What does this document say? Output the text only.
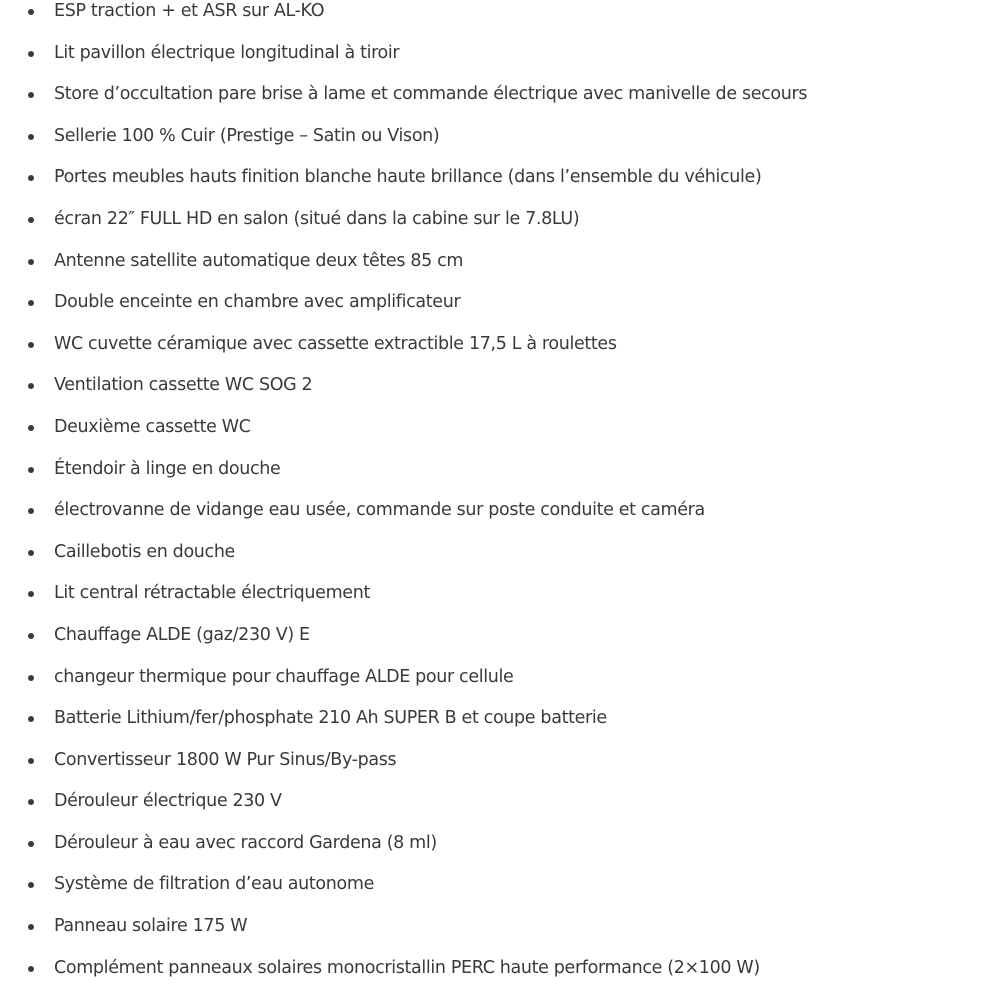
ESP traction + et ASR sur AL-KO
Lit pavillon électrique longitudinal à tiroir
Store d’occultation pare brise à lame et commande électrique avec manivelle de secours
Sellerie 100 % Cuir (Prestige – Satin ou Vison)
Portes meubles hauts finition blanche haute brillance (dans l’ensemble du véhicule)
écran 22″ FULL HD en salon (situé dans la cabine sur le 7.8LU)
Antenne satellite automatique deux têtes 85 cm
Double enceinte en chambre avec amplificateur
WC cuvette céramique avec cassette extractible 17,5 L à roulettes
Ventilation cassette WC SOG 2
Deuxième cassette WC
Étendoir à linge en douche
électrovanne de vidange eau usée, commande sur poste conduite et caméra
Caillebotis en douche
Lit central rétractable électriquement
Chauffage ALDE (gaz/230 V) E
changeur thermique pour chauffage ALDE pour cellule
Batterie Lithium/fer/phosphate 210 Ah SUPER B et coupe batterie
Convertisseur 1800 W Pur Sinus/By-pass
Dérouleur électrique 230 V
Dérouleur à eau avec raccord Gardena (8 ml)
Système de filtration d’eau autonome
Panneau solaire 175 W
Complément panneaux solaires monocristallin PERC haute performance (2×100 W)
